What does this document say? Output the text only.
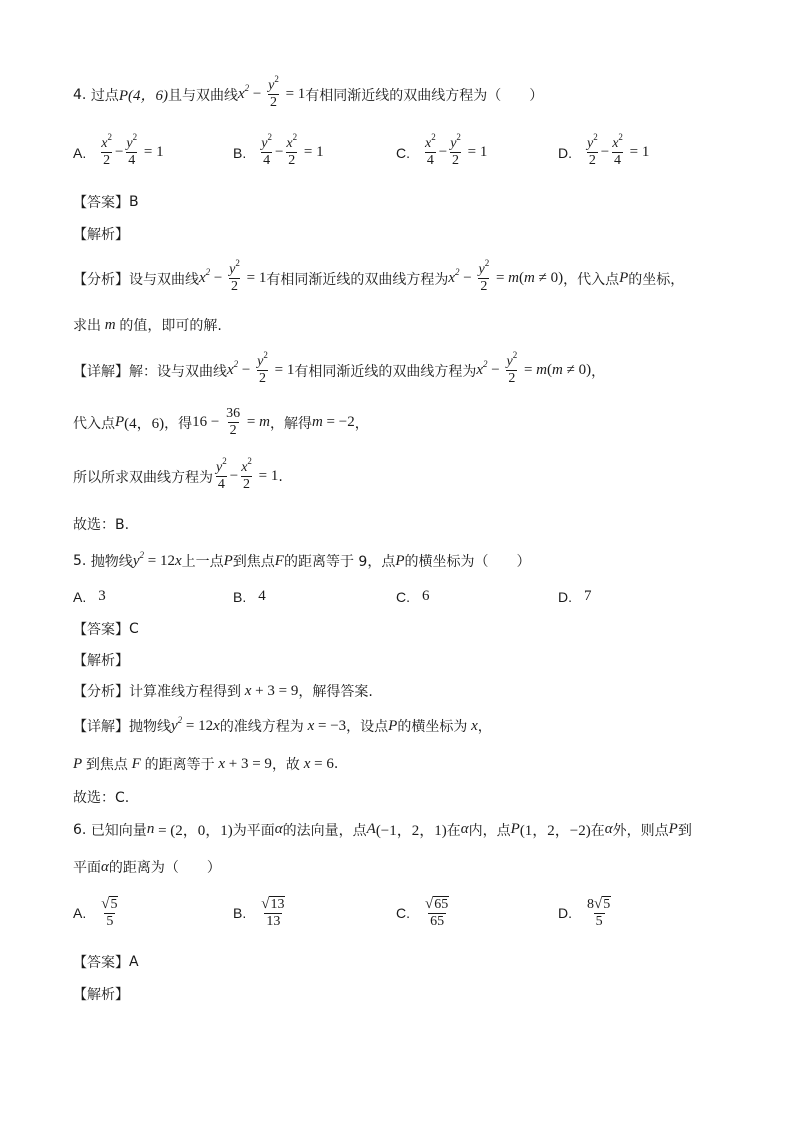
4.
过点 P(4，6) 且与双曲线 $x^2 - \frac{y^2}{2} = 1$ 有相同渐近线的双曲线方程为（　　）
A. $\frac{x^2}{2} - \frac{y^2}{4} = 1$	B. $\frac{y^2}{4} - \frac{x^2}{2} = 1$	C. $\frac{x^2}{4} - \frac{y^2}{2} = 1$	D. $\frac{y^2}{2} - \frac{x^2}{4} = 1$
【答案】 B
【解析】
【分析】 设与双曲线 $x^2 - \frac{y^2}{2} = 1$ 有相同渐近线的双曲线方程为 $x^2 - \frac{y^2}{2} = m$ ( m ≠ 0) ，代入点 P 的坐标，
求出 m 的值，即可的解.
【详解】 解：设与双曲线 $x^2 - \frac{y^2}{2} = 1$ 有相同渐近线的双曲线方程为 $x^2 - \frac{y^2}{2} = m$ ( m ≠ 0) ，
代入点 P (4，6) ，得 $16 - \frac{36}{2} = m$ ，解得 m = −2 ，
所以所求双曲线方程为 $\frac{y^2}{4} - \frac{x^2}{2} = 1$ .
故选：B.
5.
抛物线 $y^2 = 12$ x 上一点 P 到焦点 F 的距离等于 9，点 P 的横坐标为（　　）
A. 3	B. 4	C. 6	D. 7
【答案】 C
【解析】
【分析】 计算准线方程得到 x + 3 = 9 ，解得答案.
【详解】 抛物线 $y^2 = 12$ x 的准线方程为 x = −3 ，设点 P 的横坐标为 x ，
P 到焦点 F 的距离等于 x + 3 = 9 ，故 x = 6 .
故选：C.
6.
已知向量 n = (2，0，1) 为平面 α 的法向量，点 A (−1，2，1) 在 α 内，点 P (1，2，−2) 在 α 外，则点 P 到
平面 α 的距离为（　　）
A. $\frac{√5}{5}$	B. $\frac{√13}{13}$	C. $\frac{√65}{65}$	D. $\frac{8√5}{5}$
【答案】 A
【解析】
